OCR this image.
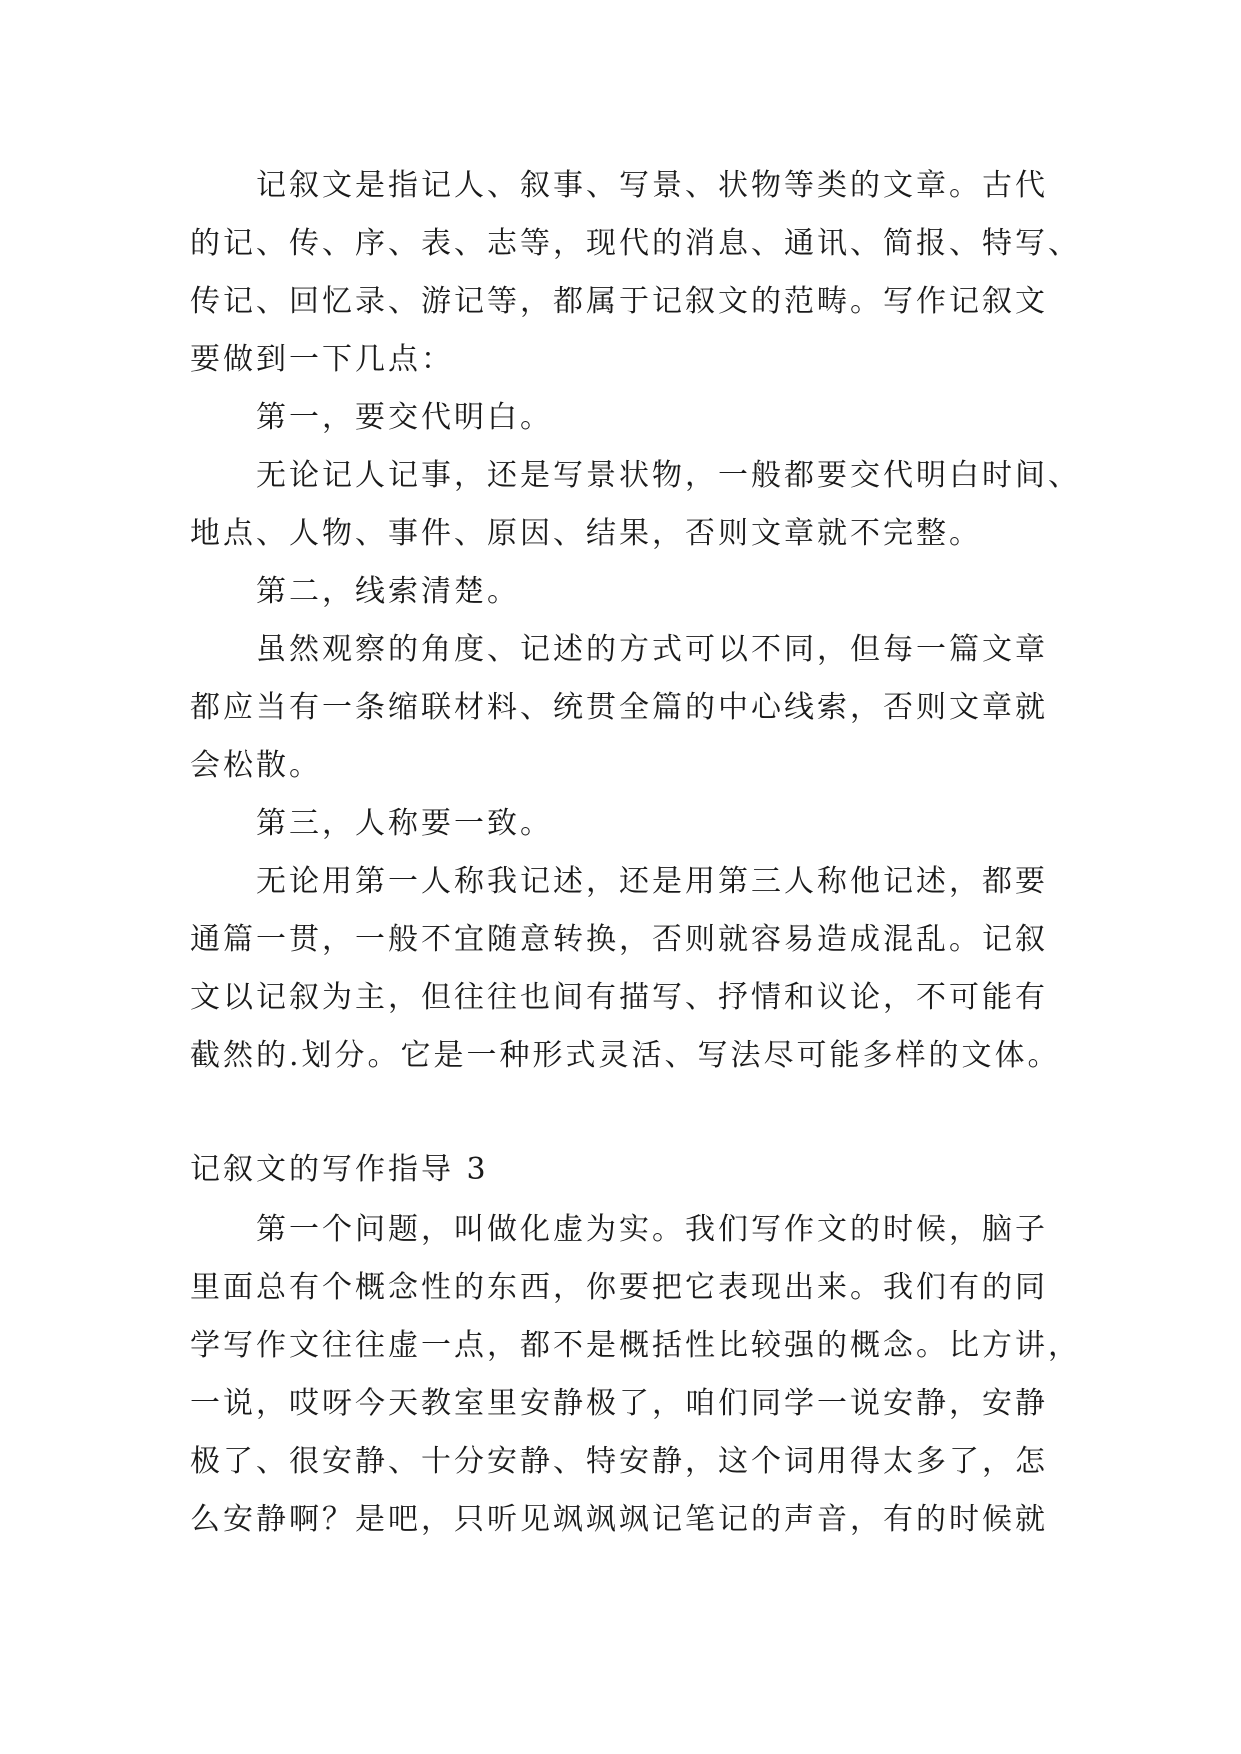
记叙文是指记人、叙事、写景、状物等类的文章。古代
的记、传、序、表、志等，现代的消息、通讯、简报、特写、
传记、回忆录、游记等，都属于记叙文的范畴。写作记叙文
要做到一下几点：
第一，要交代明白。
无论记人记事，还是写景状物，一般都要交代明白时间、
地点、人物、事件、原因、结果，否则文章就不完整。
第二，线索清楚。
虽然观察的角度、记述的方式可以不同，但每一篇文章
都应当有一条缩联材料、统贯全篇的中心线索，否则文章就
会松散。
第三，人称要一致。
无论用第一人称我记述，还是用第三人称他记述，都要
通篇一贯，一般不宜随意转换，否则就容易造成混乱。记叙
文以记叙为主，但往往也间有描写、抒情和议论，不可能有
截然的.划分。它是一种形式灵活、写法尽可能多样的文体。
记叙文的写作指导 3
第一个问题，叫做化虚为实。我们写作文的时候，脑子
里面总有个概念性的东西，你要把它表现出来。我们有的同
学写作文往往虚一点，都不是概括性比较强的概念。比方讲，
一说，哎呀今天教室里安静极了，咱们同学一说安静，安静
极了、很安静、十分安静、特安静，这个词用得太多了，怎
么安静啊？是吧，只听见飒飒飒记笔记的声音，有的时候就
